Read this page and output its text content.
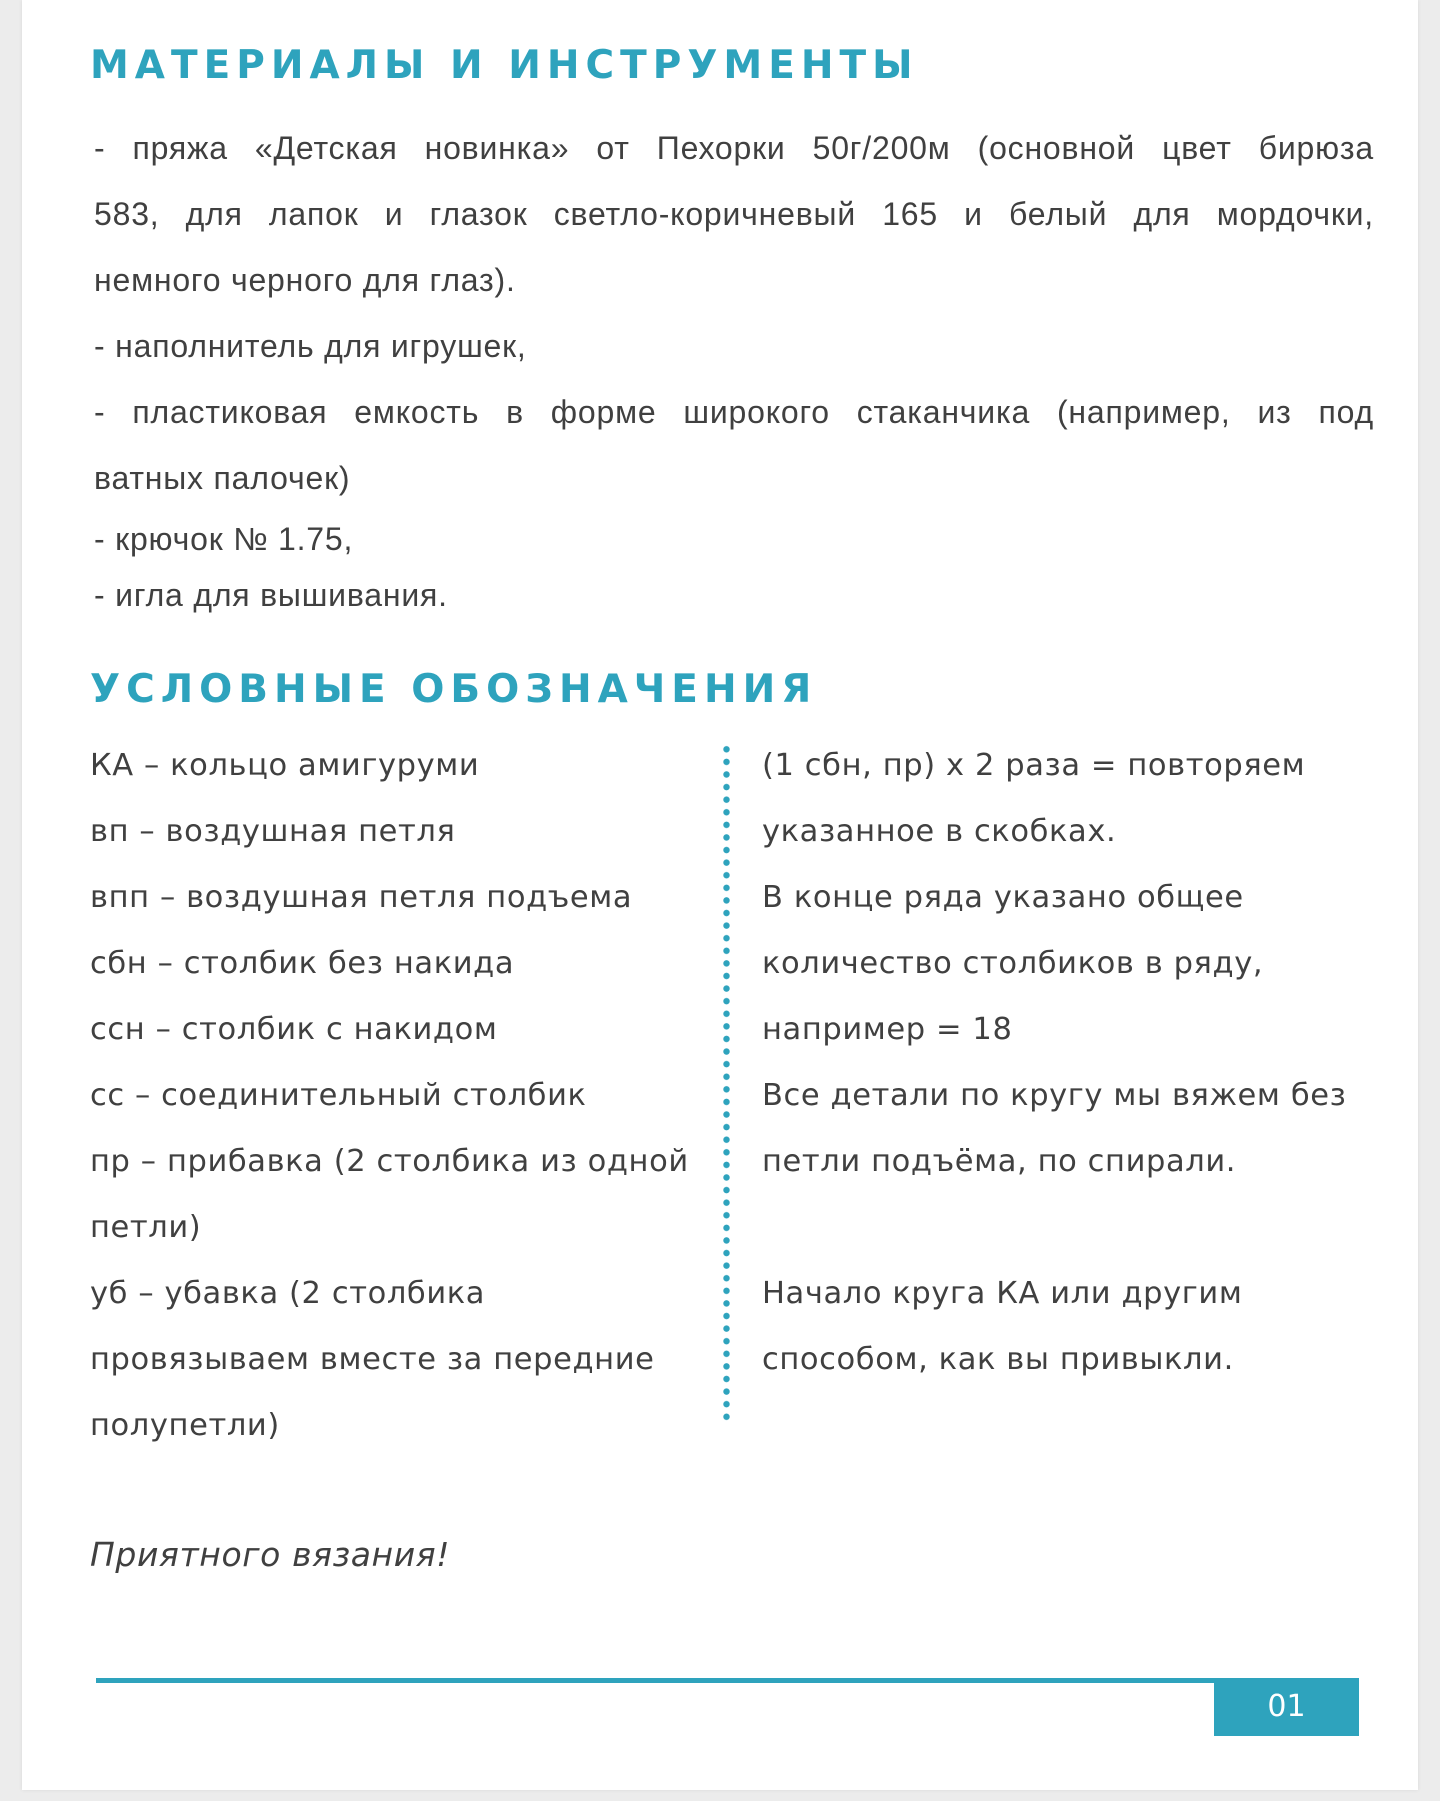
МАТЕРИАЛЫ И ИНСТРУМЕНТЫ
- пряжа «Детская новинка» от Пехорки 50г/200м (основной цвет бирюза
583, для лапок и глазок светло-коричневый 165 и белый для мордочки,
немного черного для глаз).
- наполнитель для игрушек,
- пластиковая емкость в форме широкого стаканчика (например, из под
ватных палочек)
- крючок № 1.75,
- игла для вышивания.
УСЛОВНЫЕ ОБОЗНАЧЕНИЯ
КА – кольцо амигуруми
вп – воздушная петля
впп – воздушная петля подъема
сбн – столбик без накида
ссн – столбик с накидом
сс – соединительный столбик
пр – прибавка (2 столбика из одной
петли)
уб – убавка (2 столбика
провязываем вместе за передние
полупетли)
(1 сбн, пр) х 2 раза = повторяем
указанное в скобках.
В конце ряда указано общее
количество столбиков в ряду,
например = 18
Все детали по кругу мы вяжем без
петли подъёма, по спирали.
Начало круга КА или другим
способом, как вы привыкли.

Приятного вязания!

01
